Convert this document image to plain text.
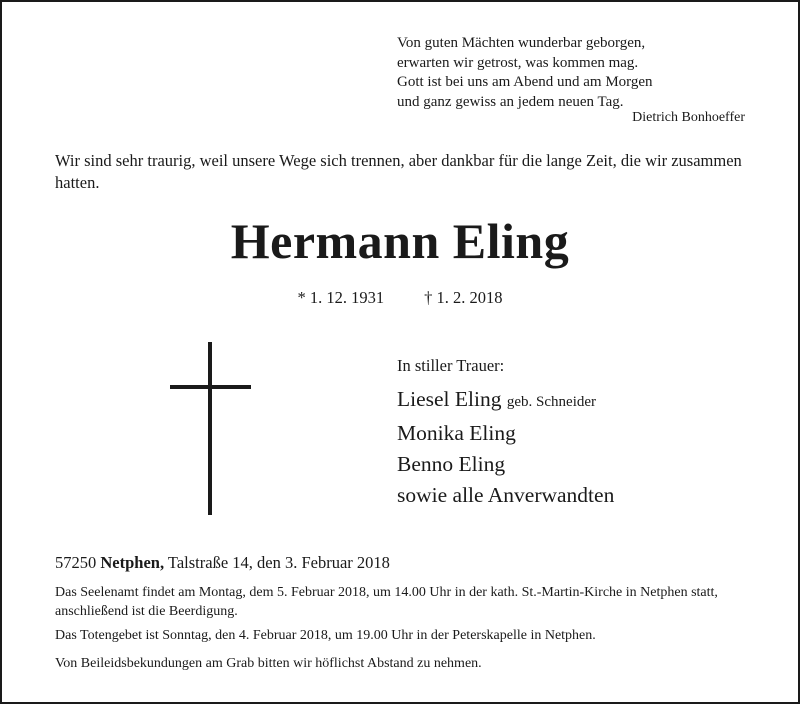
Von guten Mächten wunderbar geborgen,
erwarten wir getrost, was kommen mag.
Gott ist bei uns am Abend und am Morgen
und ganz gewiss an jedem neuen Tag.
Dietrich Bonhoeffer
Wir sind sehr traurig, weil unsere Wege sich trennen, aber dankbar für die lange Zeit, die wir zusammen hatten.
Hermann Eling
* 1. 12. 1931 † 1. 2. 2018
In stiller Trauer:
Liesel Eling geb. Schneider
Monika Eling
Benno Eling
sowie alle Anverwandten
57250 Netphen, Talstraße 14, den 3. Februar 2018
Das Seelenamt findet am Montag, dem 5. Februar 2018, um 14.00 Uhr in der kath. St.-Martin-Kirche in Netphen statt, anschließend ist die Beerdigung.
Das Totengebet ist Sonntag, den 4. Februar 2018, um 19.00 Uhr in der Peterskapelle in Netphen.
Von Beileidsbekundungen am Grab bitten wir höflichst Abstand zu nehmen.
